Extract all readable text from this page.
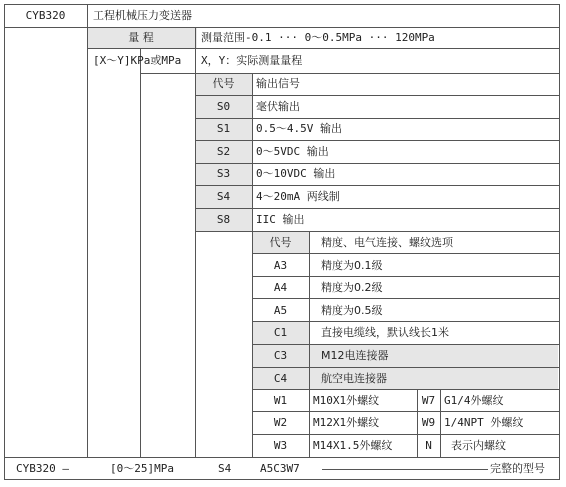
CYB320	工程机械压力变送器
量 程	测量范围-0.1 ··· 0～0.5MPa ··· 120MPa
[X～Y]KPa或MPa X，Y：实际测量量程
代号	输出信号
S0	毫伏输出
S1	0.5～4.5V 输出
S2	0～5VDC 输出
S3	0～10VDC 输出
S4	4～20mA 两线制
S8	IIC 输出
代号	精度、电气连接、螺纹选项
A3	精度为0.1级
A4	精度为0.2级
A5	精度为0.5级
C1	直接电缆线，默认线长1米
C3	M12电连接器
C4	航空电连接器
W1	M10X1外螺纹	W7 G1/4外螺纹
W2	M12X1外螺纹	W9 1/4NPT 外螺纹
W3	M14X1.5外螺纹	N	表示内螺纹
CYB320 —	[0～25]MPa	S4	A5C3W7	完整的型号
